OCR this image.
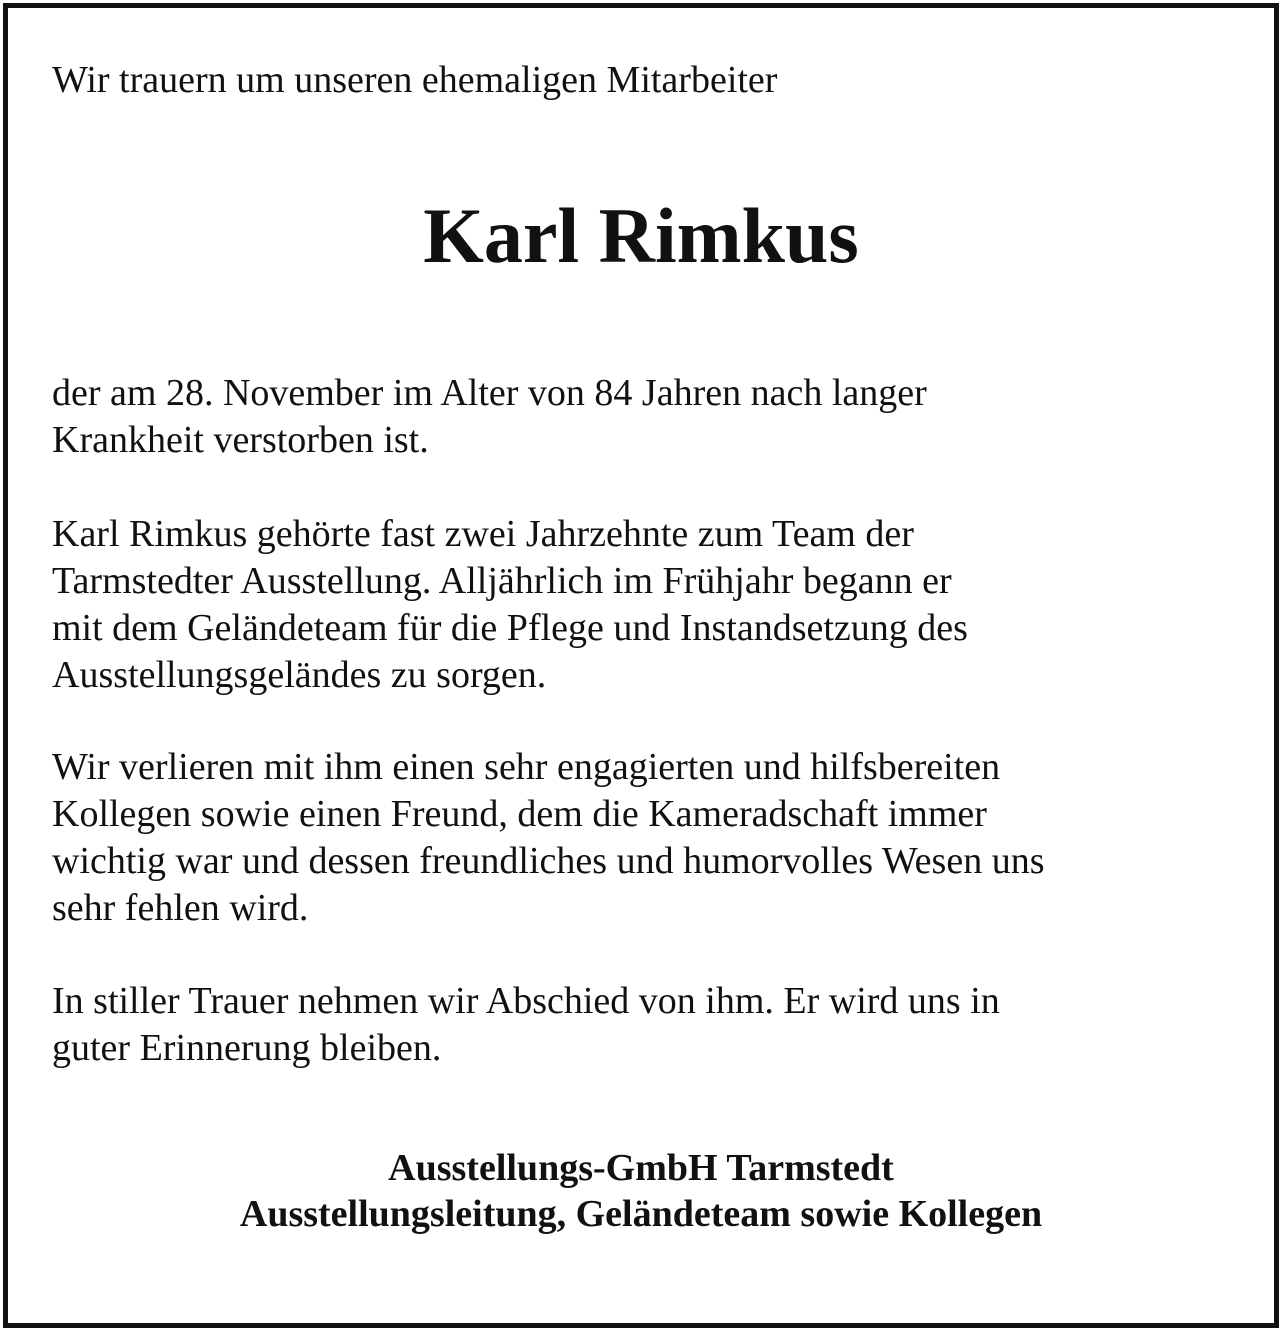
Wir trauern um unseren ehemaligen Mitarbeiter
Karl Rimkus

der am 28. November im Alter von 84 Jahren nach langer
Krankheit verstorben ist.

Karl Rimkus gehörte fast zwei Jahrzehnte zum Team der
Tarmstedter Ausstellung. Alljährlich im Frühjahr begann er
mit dem Geländeteam für die Pflege und Instandsetzung des
Ausstellungsgeländes zu sorgen.

Wir verlieren mit ihm einen sehr engagierten und hilfsbereiten
Kollegen sowie einen Freund, dem die Kameradschaft immer
wichtig war und dessen freundliches und humorvolles Wesen uns
sehr fehlen wird.

In stiller Trauer nehmen wir Abschied von ihm. Er wird uns in
guter Erinnerung bleiben.

Ausstellungs-GmbH Tarmstedt
Ausstellungsleitung, Geländeteam sowie Kollegen
